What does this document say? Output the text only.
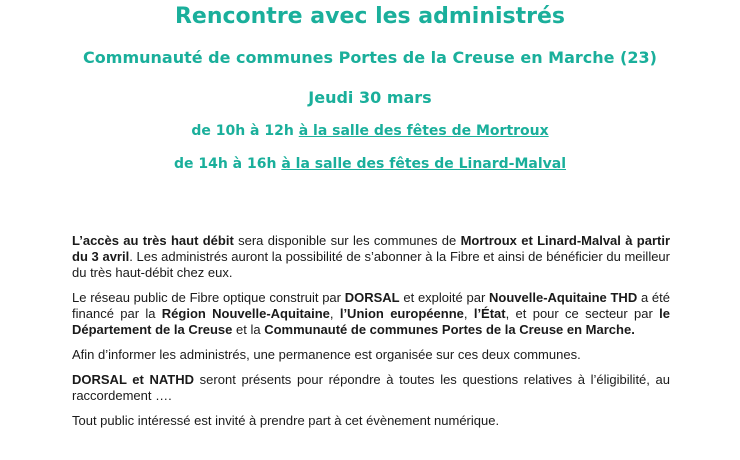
Rencontre avec les administrés
Communauté de communes Portes de la Creuse en Marche (23)
Jeudi 30 mars
de 10h à 12h à la salle des fêtes de Mortroux
de 14h à 16h à la salle des fêtes de Linard-Malval

L’accès au très haut débit sera disponible sur les communes de Mortroux et Linard-Malval à partir du 3 avril. Les administrés auront la possibilité de s’abonner à la Fibre et ainsi de bénéficier du meilleur du très haut-débit chez eux.

Le réseau public de Fibre optique construit par DORSAL et exploité par Nouvelle-Aquitaine THD a été financé par la Région Nouvelle-Aquitaine, l’Union européenne, l’État, et pour ce secteur par le Département de la Creuse et la Communauté de communes Portes de la Creuse en Marche.

Afin d’informer les administrés, une permanence est organisée sur ces deux communes.

DORSAL et NATHD seront présents pour répondre à toutes les questions relatives à l’éligibilité, au raccordement ….

Tout public intéressé est invité à prendre part à cet évènement numérique.
